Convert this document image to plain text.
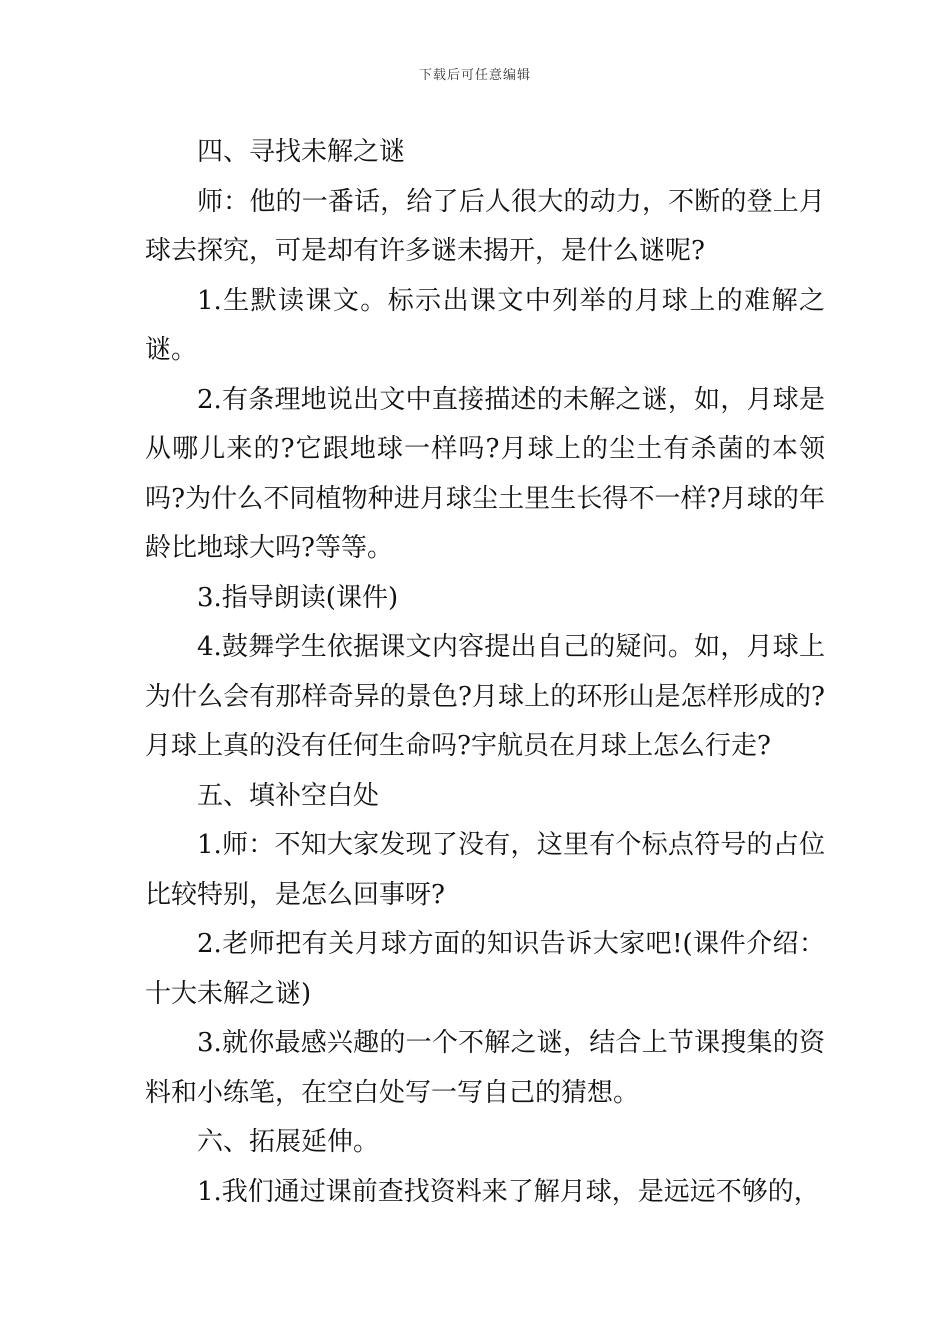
下载后可任意编辑

四、寻找未解之谜

师：他的一番话，给了后人很大的动力，不断的登上月球去探究，可是却有许多谜未揭开，是什么谜呢?

1.生默读课文。标示出课文中列举的月球上的难解之谜。

2.有条理地说出文中直接描述的未解之谜，如，月球是从哪儿来的?它跟地球一样吗?月球上的尘土有杀菌的本领吗?为什么不同植物种进月球尘土里生长得不一样?月球的年龄比地球大吗?等等。

3.指导朗读(课件)

4.鼓舞学生依据课文内容提出自己的疑问。如，月球上为什么会有那样奇异的景色?月球上的环形山是怎样形成的?月球上真的没有任何生命吗?宇航员在月球上怎么行走?

五、填补空白处

1.师：不知大家发现了没有，这里有个标点符号的占位比较特别，是怎么回事呀?

2.老师把有关月球方面的知识告诉大家吧!(课件介绍：十大未解之谜)

3.就你最感兴趣的一个不解之谜，结合上节课搜集的资料和小练笔，在空白处写一写自己的猜想。

六、拓展延伸。

1.我们通过课前查找资料来了解月球，是远远不够的，
